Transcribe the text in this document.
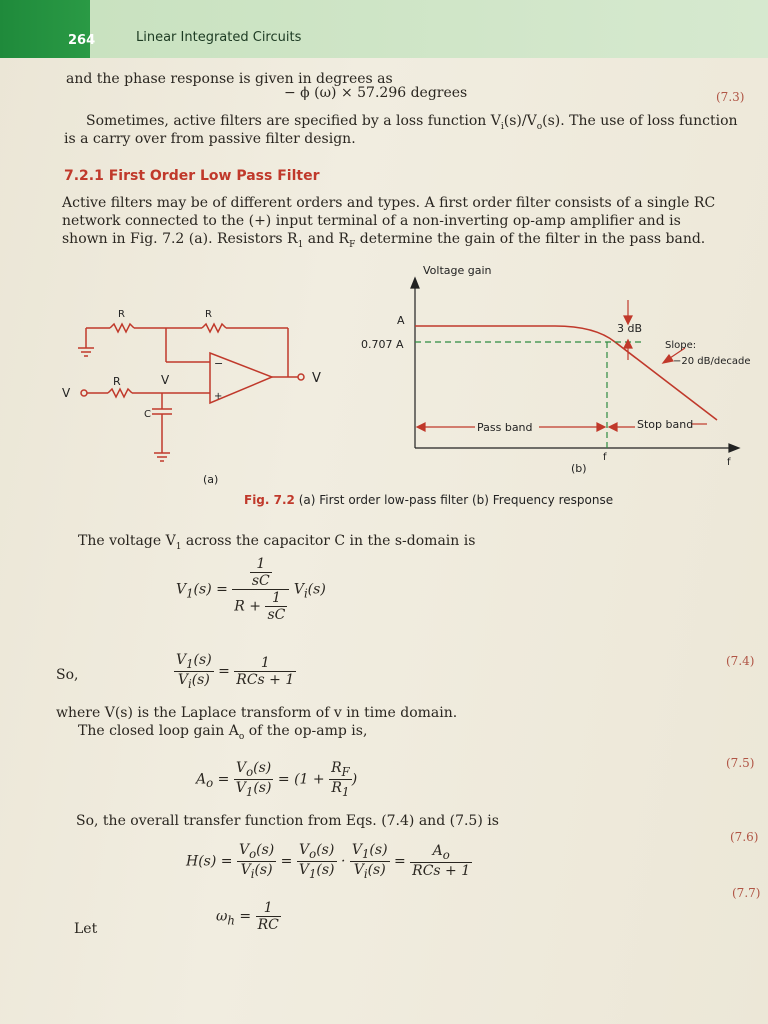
264	Linear Integrated Circuits
and the phase response is given in degrees as
− ϕ (ω) × 57.296 degrees	(7.3)
Sometimes, active filters are specified by a loss function $V_i(s)/V_o(s)$. The use of loss function
is a carry over from passive filter design.
7.2.1 First Order Low Pass Filter
Active filters may be of different orders and types. A first order filter consists of a single RC
network connected to the (+) input terminal of a non-inverting op-amp amplifier and is
shown in Fig. 7.2 (a). Resistors $R_1$ and $R_F$ determine the gain of the filter in the pass band.
R	R
R	V
V
V
C
−
+
(a)
Voltage gain
A
0.707 A
3 dB
Slope:
−20 dB/decade
Pass band	Stop band
f	f
(b)
Fig. 7.2 (a) First order low-pass filter (b) Frequency response
The voltage $V_1$ across the capacitor C in the s-domain is
$V_1(s) = \frac{\frac{1}{sC}}{R + \frac{1}{sC}} V_i(s)$
So,	$\frac{V_1(s)}{V_i(s)} = \frac{1}{\text{RCs + 1}}$	(7.4)
where V(s) is the Laplace transform of v in time domain.
The closed loop gain $A_o$ of the op-amp is,
$A_o = \frac{V_o(s)}{V_1(s)} = (1 + \frac{R_F}{R_1}$ )
(7.5)
So, the overall transfer function from Eqs. (7.4) and (7.5) is
$H(s) = \frac{V_o(s)}{V_i(s)} = \frac{V_o(s)}{V_1(s)} \cdot \frac{V_1(s)}{V_i(s)} = \frac{A_o}{\text{RCs + 1}}$
(7.6)
(7.7)
Let
$\omega_h = \frac{1}{RC}$
